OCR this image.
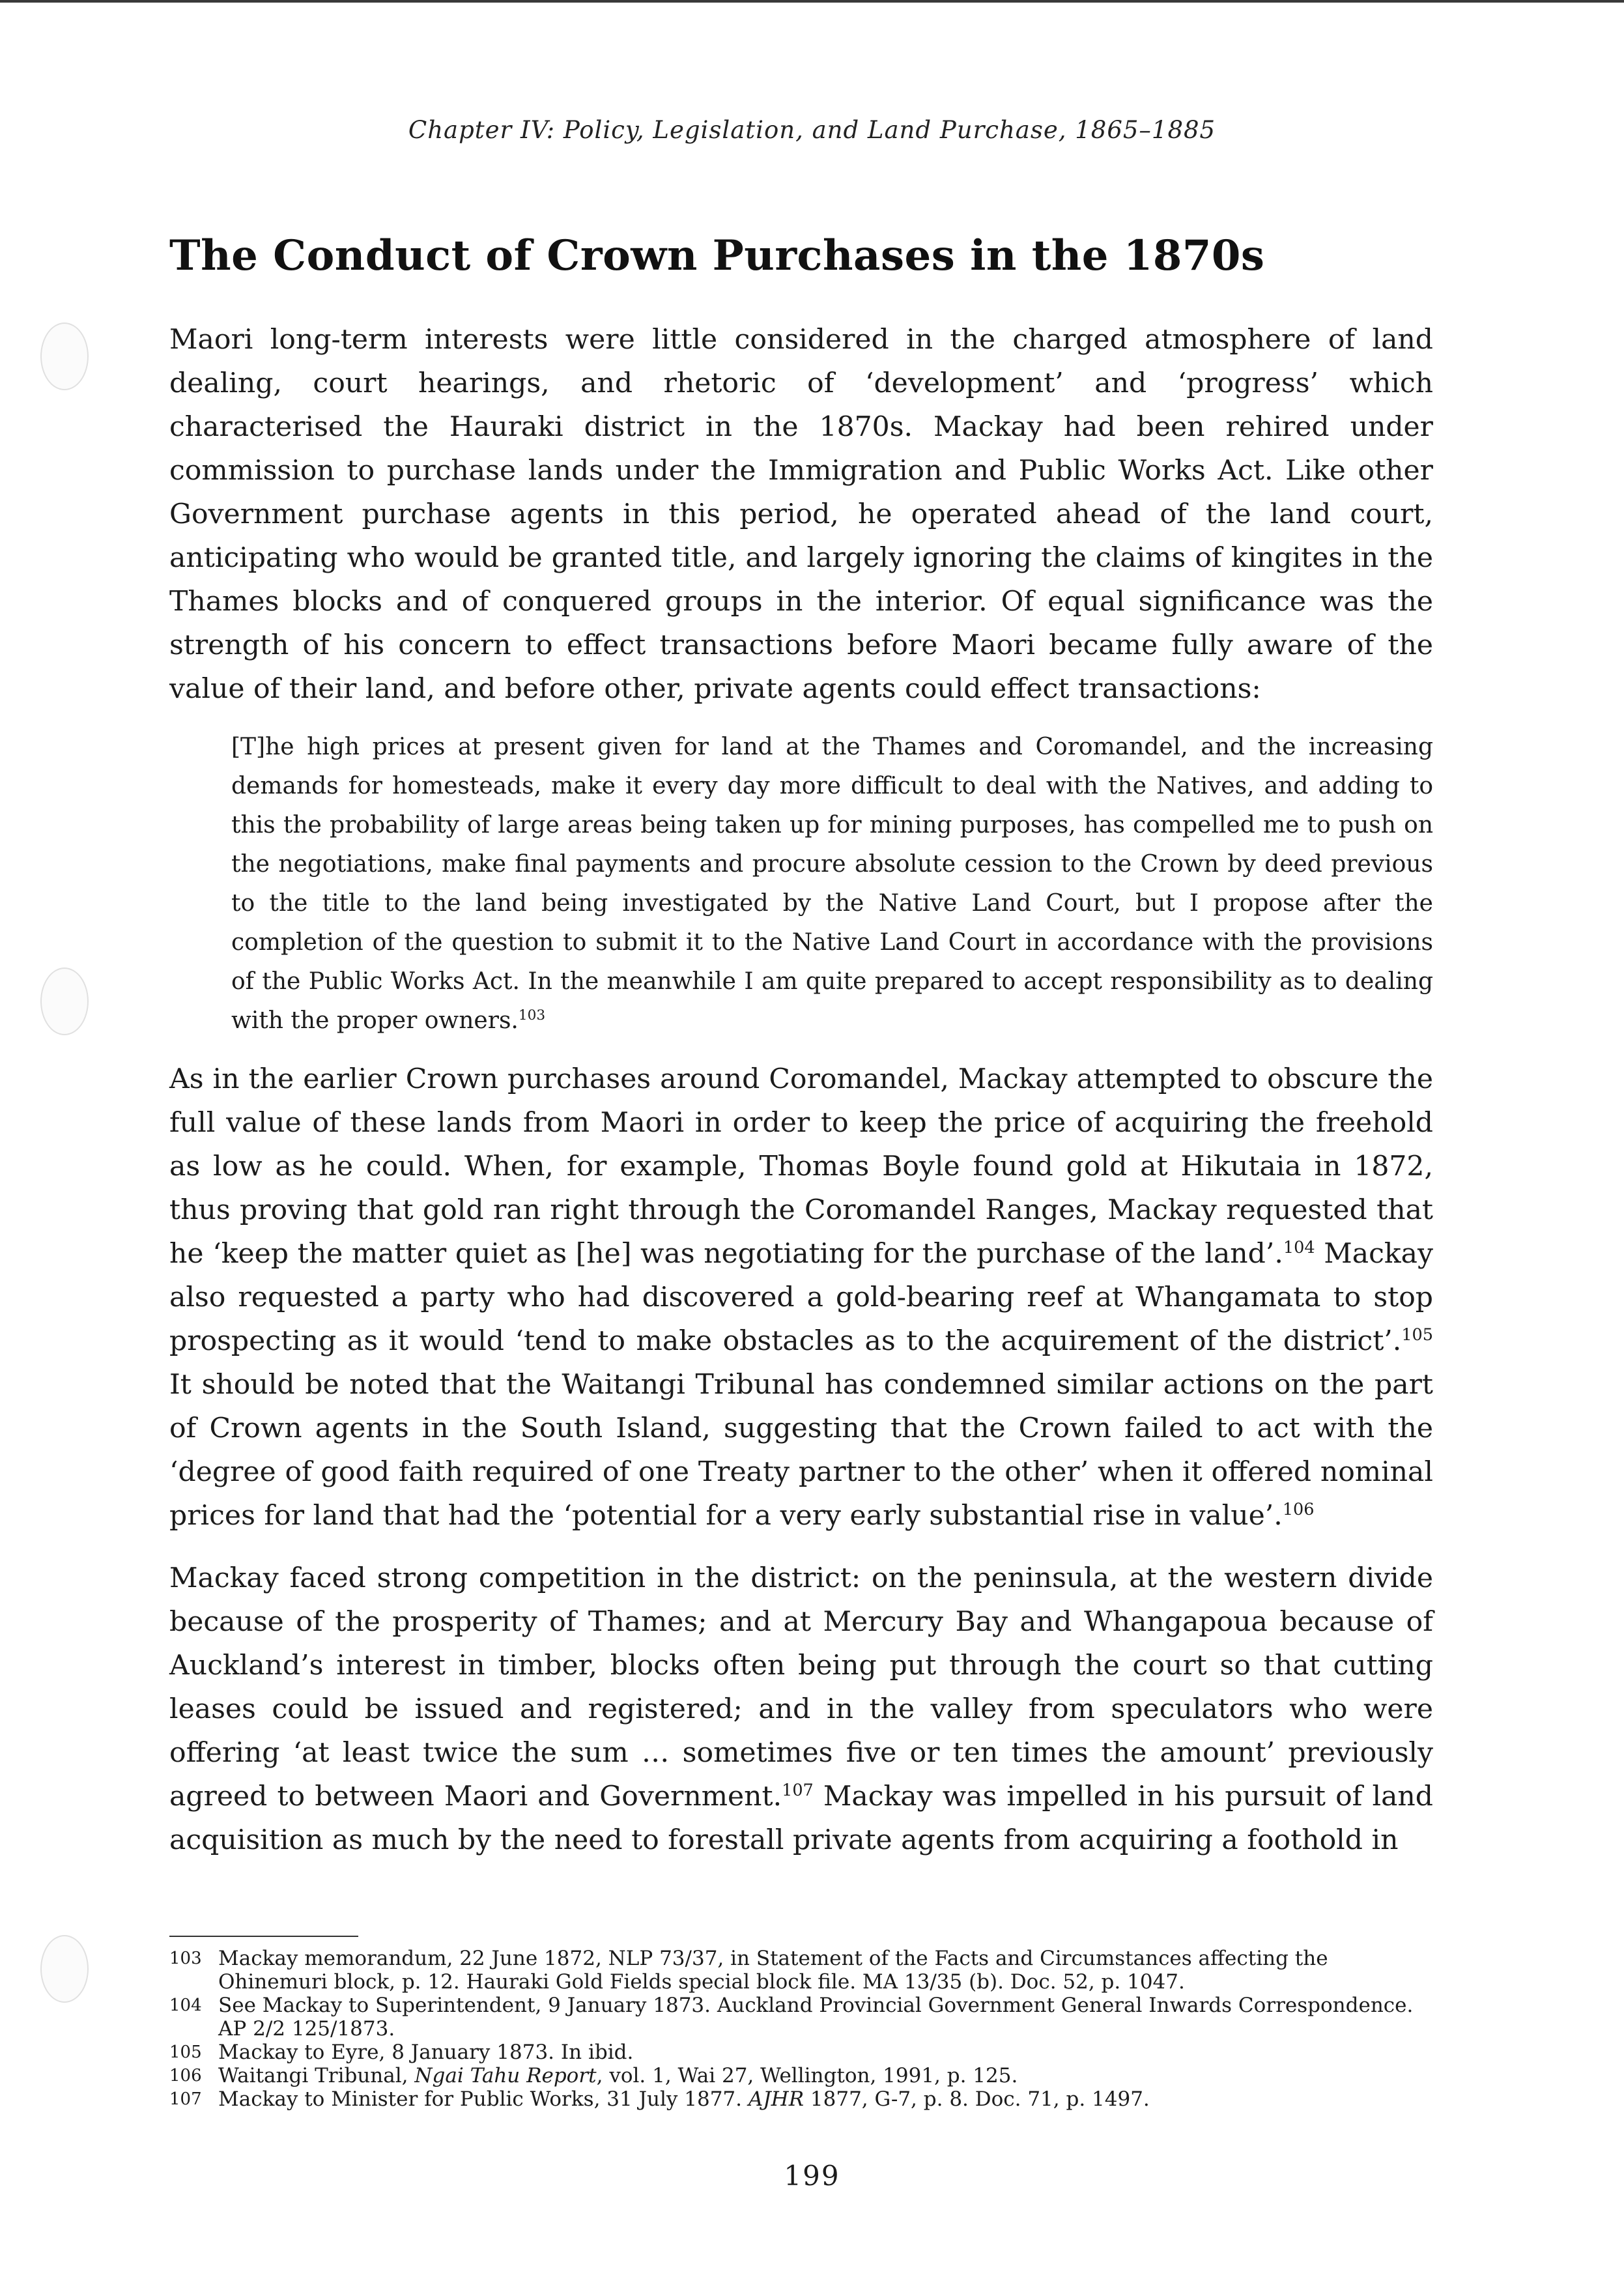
Chapter IV: Policy, Legislation, and Land Purchase, 1865–1885
The Conduct of Crown Purchases in the 1870s

Maori long-term interests were little considered in the charged atmosphere of land dealing, court hearings, and rhetoric of ‘development’ and ‘progress’ which characterised the Hauraki district in the 1870s. Mackay had been rehired under commission to purchase lands under the Immigration and Public Works Act. Like other Government purchase agents in this period, he operated ahead of the land court, anticipating who would be granted title, and largely ignoring the claims of kingites in the Thames blocks and of conquered groups in the interior. Of equal significance was the strength of his concern to effect transactions before Maori became fully aware of the value of their land, and before other, private agents could effect transactions:

[T]he high prices at present given for land at the Thames and Coromandel, and the increasing demands for homesteads, make it every day more difficult to deal with the Natives, and adding to this the probability of large areas being taken up for mining purposes, has compelled me to push on the negotiations, make final payments and procure absolute cession to the Crown by deed previous to the title to the land being investigated by the Native Land Court, but I propose after the completion of the question to submit it to the Native Land Court in accordance with the provisions of the Public Works Act. In the meanwhile I am quite prepared to accept responsibility as to dealing with the proper owners.$^{103}$

As in the earlier Crown purchases around Coromandel, Mackay attempted to obscure the full value of these lands from Maori in order to keep the price of acquiring the freehold as low as he could. When, for example, Thomas Boyle found gold at Hikutaia in 1872, thus proving that gold ran right through the Coromandel Ranges, Mackay requested that he ‘keep the matter quiet as [he] was negotiating for the purchase of the land’.$^{104}$ Mackay also requested a party who had discovered a gold-bearing reef at Whangamata to stop prospecting as it would ‘tend to make obstacles as to the acquirement of the district’.$^{105}$ It should be noted that the Waitangi Tribunal has condemned similar actions on the part of Crown agents in the South Island, suggesting that the Crown failed to act with the ‘degree of good faith required of one Treaty partner to the other’ when it offered nominal prices for land that had the ‘potential for a very early substantial rise in value’.$^{106}$

Mackay faced strong competition in the district: on the peninsula, at the western divide because of the prosperity of Thames; and at Mercury Bay and Whangapoua because of Auckland’s interest in timber, blocks often being put through the court so that cutting leases could be issued and registered; and in the valley from speculators who were offering ‘at least twice the sum … sometimes five or ten times the amount’ previously agreed to between Maori and Government.$^{107}$ Mackay was impelled in his pursuit of land acquisition as much by the need to forestall private agents from acquiring a foothold in

103 Mackay memorandum, 22 June 1872, NLP 73/37, in Statement of the Facts and Circumstances affecting the Ohinemuri block, p. 12. Hauraki Gold Fields special block file. MA 13/35 (b). Doc. 52, p. 1047.

104 See Mackay to Superintendent, 9 January 1873. Auckland Provincial Government General Inwards Correspondence. AP 2/2 125/1873.

105 Mackay to Eyre, 8 January 1873. In ibid.

106 Waitangi Tribunal, Ngai Tahu Report, vol. 1, Wai 27, Wellington, 1991, p. 125.

107 Mackay to Minister for Public Works, 31 July 1877. AJHR 1877, G-7, p. 8. Doc. 71, p. 1497.

199
